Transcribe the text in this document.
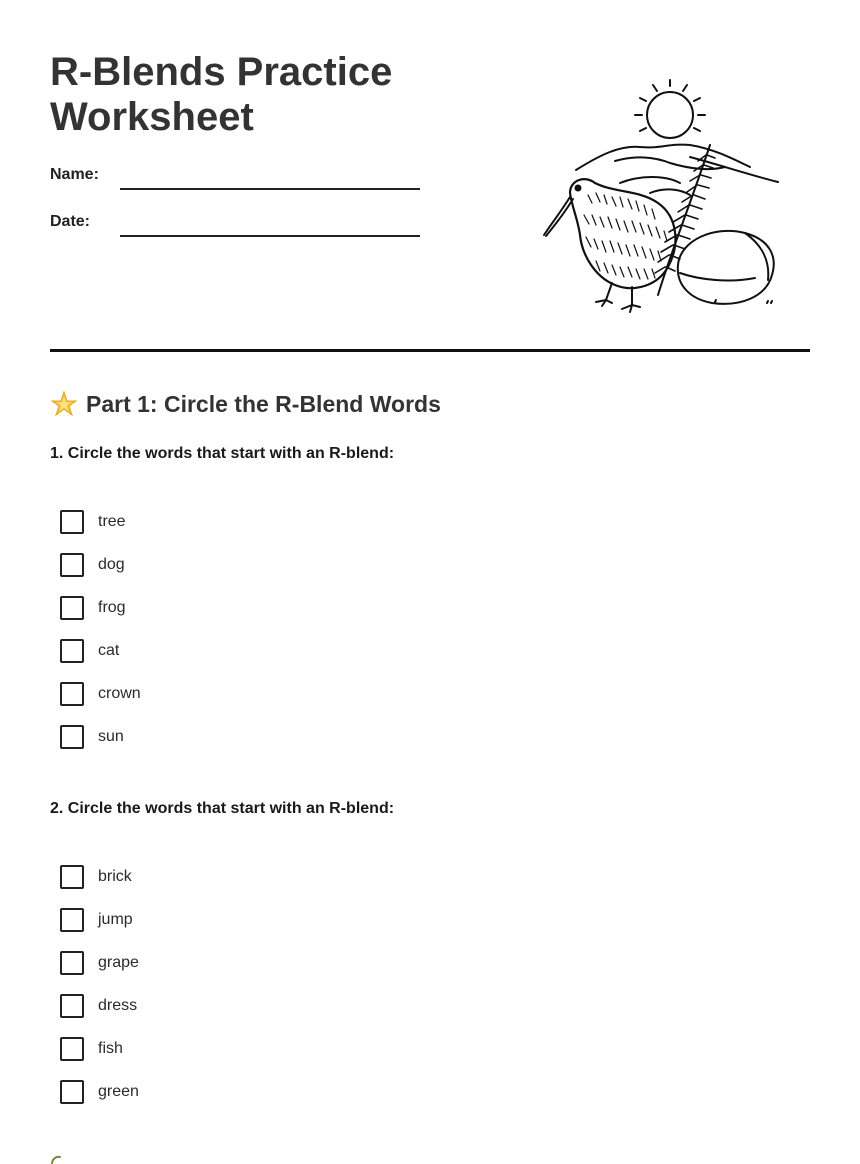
R-Blends Practice Worksheet
Name:
Date:
Part 1: Circle the R-Blend Words
1. Circle the words that start with an R-blend:
tree
dog
frog
cat
crown
sun
2. Circle the words that start with an R-blend:
brick
jump
grape
dress
fish
green
